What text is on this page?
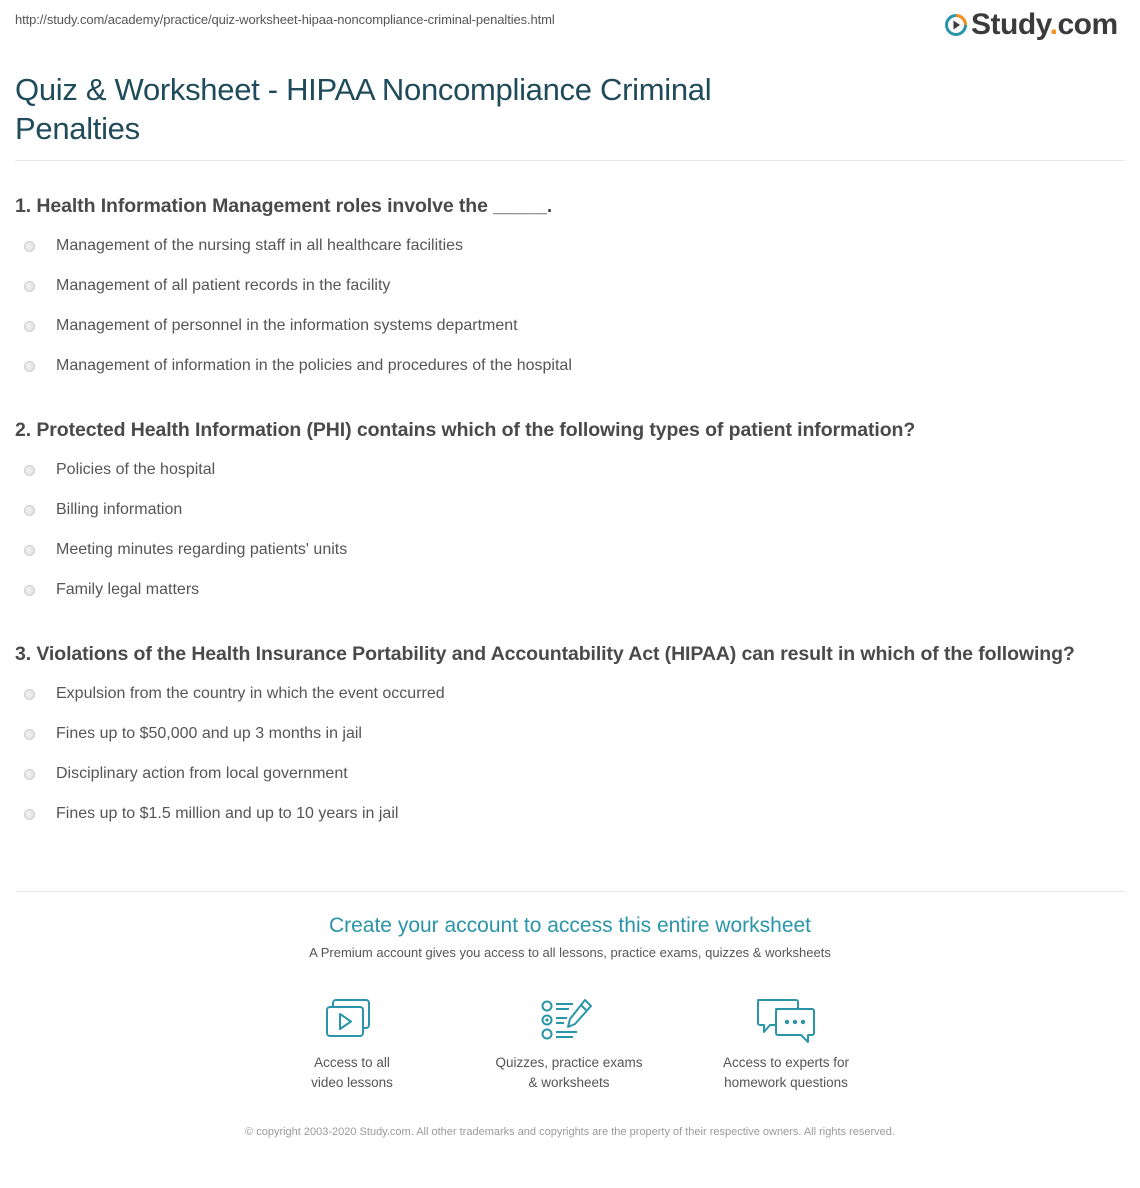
http://study.com/academy/practice/quiz-worksheet-hipaa-noncompliance-criminal-penalties.html	Study.com
Quiz & Worksheet - HIPAA Noncompliance Criminal Penalties
1. Health Information Management roles involve the _____.
Management of the nursing staff in all healthcare facilities
Management of all patient records in the facility
Management of personnel in the information systems department
Management of information in the policies and procedures of the hospital
2. Protected Health Information (PHI) contains which of the following types of patient information?
Policies of the hospital
Billing information
Meeting minutes regarding patients' units
Family legal matters
3. Violations of the Health Insurance Portability and Accountability Act (HIPAA) can result in which of the following?
Expulsion from the country in which the event occurred
Fines up to $50,000 and up 3 months in jail
Disciplinary action from local government
Fines up to $1.5 million and up to 10 years in jail
Create your account to access this entire worksheet
A Premium account gives you access to all lessons, practice exams, quizzes & worksheets
Access to all
video lessons
Quizzes, practice exams
& worksheets
Access to experts for
homework questions
© copyright 2003-2020 Study.com. All other trademarks and copyrights are the property of their respective owners. All rights reserved.
